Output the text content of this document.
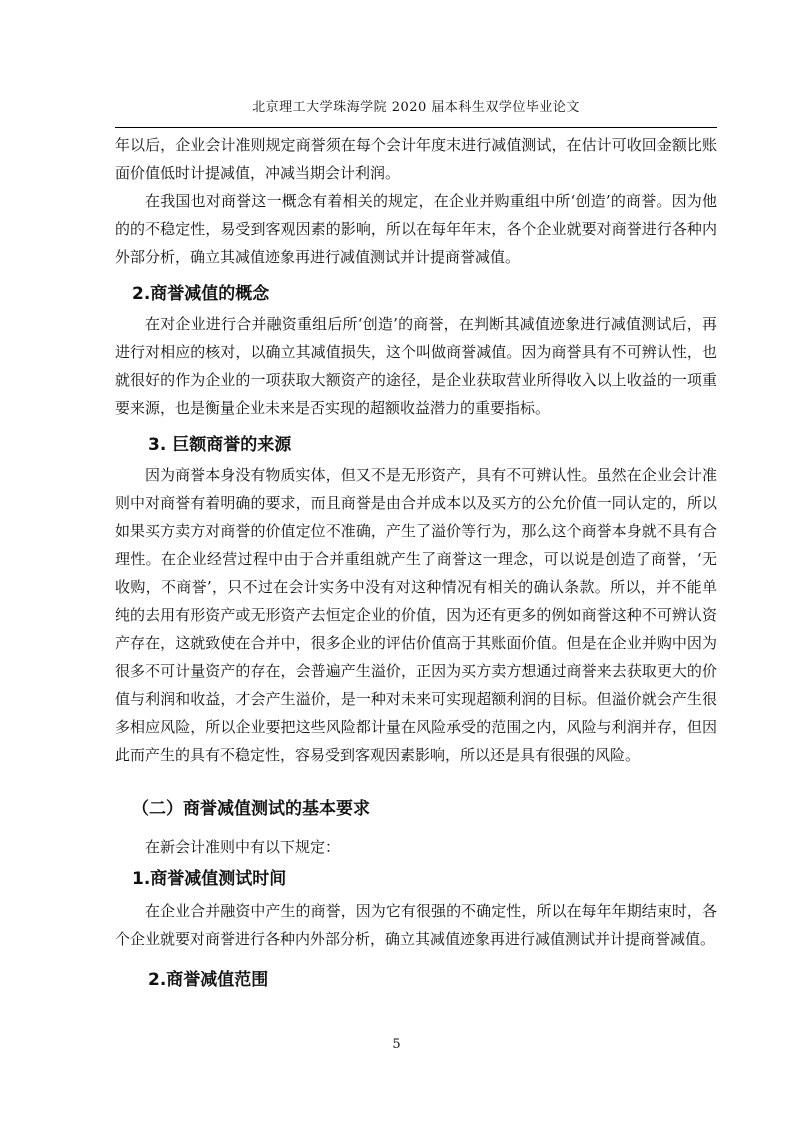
北京理工大学珠海学院 2020 届本科生双学位毕业论文

年以后，企业会计准则规定商誉须在每个会计年度末进行减值测试，在估计可收回金额比账面价值低时计提减值，冲减当期会计利润。

在我国也对商誉这一概念有着相关的规定，在企业并购重组中所‘创造’的商誉。因为他的的不稳定性，易受到客观因素的影响，所以在每年年末，各个企业就要对商誉进行各种内外部分析，确立其减值迹象再进行减值测试并计提商誉减值。

2.商誉减值的概念

在对企业进行合并融资重组后所‘创造’的商誉，在判断其减值迹象进行减值测试后，再进行对相应的核对，以确立其减值损失，这个叫做商誉减值。因为商誉具有不可辨认性，也就很好的作为企业的一项获取大额资产的途径，是企业获取营业所得收入以上收益的一项重要来源，也是衡量企业未来是否实现的超额收益潜力的重要指标。

3. 巨额商誉的来源

因为商誉本身没有物质实体，但又不是无形资产，具有不可辨认性。虽然在企业会计准则中对商誉有着明确的要求，而且商誉是由合并成本以及买方的公允价值一同认定的，所以如果买方卖方对商誉的价值定位不准确，产生了溢价等行为，那么这个商誉本身就不具有合理性。在企业经营过程中由于合并重组就产生了商誉这一理念，可以说是创造了商誉，‘无收购，不商誉’，只不过在会计实务中没有对这种情况有相关的确认条款。所以，并不能单纯的去用有形资产或无形资产去恒定企业的价值，因为还有更多的例如商誉这种不可辨认资产存在，这就致使在合并中，很多企业的评估价值高于其账面价值。但是在企业并购中因为很多不可计量资产的存在，会普遍产生溢价，正因为买方卖方想通过商誉来去获取更大的价值与利润和收益，才会产生溢价，是一种对未来可实现超额利润的目标。但溢价就会产生很多相应风险，所以企业要把这些风险都计量在风险承受的范围之内，风险与利润并存，但因此而产生的具有不稳定性，容易受到客观因素影响，所以还是具有很强的风险。

（二）商誉减值测试的基本要求

在新会计准则中有以下规定：

1.商誉减值测试时间

在企业合并融资中产生的商誉，因为它有很强的不确定性，所以在每年年期结束时，各个企业就要对商誉进行各种内外部分析，确立其减值迹象再进行减值测试并计提商誉减值。

2.商誉减值范围
5
